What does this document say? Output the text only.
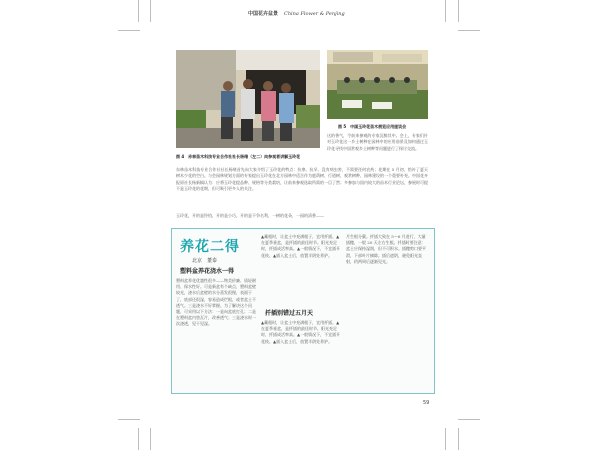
中国花卉盆景 China Flower & Penjing
图 4　赤林苗木科技专业合作社社长杨绪（左二）向参观者讲解玉玲花
图 5　中国玉玲花苗木展览应用座谈会
这的香气，令前来参观的专家沉醉其中。会上，专家们针对玉玲花这一乡土树种在园林中的应用前景及如何通过玉玲花寻找中国赏观乡土树种等问题进行了探讨交流。
东林苗木科技专业合作社社长杨绪首先向大家介绍了玉玲花的特点：抗寒、抗旱，没有病虫害，不需要任何农药；花期在 5 月初，恰补了夏天树木少花的空白。与会园林规划方面的专家提出玉玲花在北方园林中适合作为庭荫树、行道树、观赏树种、园林建设的一个重要补充。中国花卉报原社长杨新稿认为：应将玉玲花提品种、规格等分类栽培，让前来参观选取所需的一目了然；多参加与国内较大的苗木行业论坛，参展时可提不是玉玲花的花期，但可吸引更多人的关注。
玉玲花，开的是铃铛，开的是小巧，开的是不争名利，一树的花朵，一园的清香——
养花二得
北京　董泰
塑料盆养花浇水一得
塑料盆养花优越性很多——物美价廉、质轻耐用、保水性好。可是新盆有个缺点，塑料盆壁较光，浇水后盆壁的水分蒸发很慢，表面干了，底部还很湿，容易造成烂根，或者盆土不透气。三是浇水不好掌握。为了解决这个问题，可采用以下方法：一是向盆底打孔；二是在塑料盆内垫瓦片，改善透气；三是浇水时一次浇透，见干见湿。
▲藏根时，让盆土中充满根子，宜用扦插。▲在夏季垂盆，是扦插的最佳时节。阳光充足时，扦插成活率高。▲一般情况下，不宜插开花枝。▲插入盆土后，放置半阴处养护。
扦插别错过五月天
▲藏根时，让盆土中充满根子，宜用扦插。▲在夏季垂盆，是扦插的最佳时节。阳光充足时，扦插成活率高。▲一般情况下，不宜插开花枝。▲插入盆土后，放置半阴处养护。
月生根分蘖。扦插大致在 5～6 月进行，大量插穗，一般 20 天左右生根。扦插时要注意：盆土应保持湿润，但不可积水。插穗剪口要平滑，下部叶片摘除。插后遮阴，避免阳光直射，约两周后逐渐见光。
59
